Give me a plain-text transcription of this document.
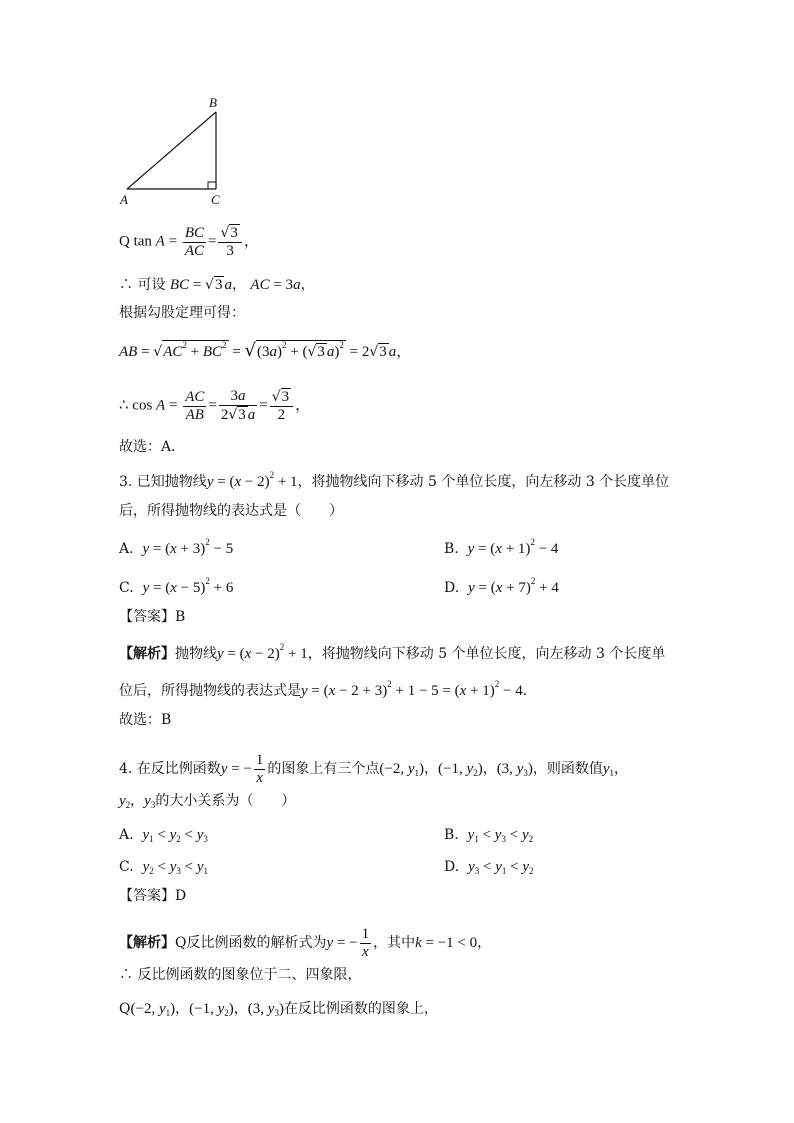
B
A	C
Q $\tan A = \frac{BC}{AC} = \frac{√3}{3}$ ，
∴ 可设 BC = √3 a， AC = 3a，
根据勾股定理可得：
AB = $√AC^2 + BC^2 = √(3a)^2 + (√3$ a)$^2$ = 2√3 a，
∴ $\cos A = \frac{AC}{AB} = \frac{3a}{2√3 a} = \frac{√3}{2}$ ，
故选：A．
3. 已知抛物线$y = (x - 2)^2 + 1$，将抛物线向下移动 5 个单位长度，向左移动 3 个长度单位
后，所得抛物线的表达式是（　　）
A. $y = (x + 3)^2 - 5$	B. $y = (x + 1)^2 - 4$
C. $y = (x - 5)^2 + 6$	D. $y = (x + 7)^2 + 4$
【答案】B
【解析】抛物线$y = (x - 2)^2 + 1$，将抛物线向下移动 5 个单位长度，向左移动 3 个长度单
位后，所得抛物线的表达式是$y = (x - 2 + 3)^2 + 1 - 5 = (x + 1)^2 - 4$．
故选：B
4. 在反比例函数y = − $\frac{1}{x}$ 的图象上有三个点(−2, $y_1$)，(−1, $y_2$)，(3, $y_3$)，则函数值$y_1$，
$y_2$，$y_3$的大小关系为（　　）
A. $y_1 < y_2 < y_3$	B. $y_1 < y_3 < y_2$
C. $y_2 < y_3 < y_1$	D. $y_3 < y_1 < y_2$
【答案】D
【解析】Q反比例函数的解析式为y = − $\frac{1}{x}$ ，其中k = −1 < 0，
∴ 反比例函数的图象位于二、四象限，
Q(−2, $y_1$)，(−1, $y_2$)，(3, $y_3$)在反比例函数的图象上，
